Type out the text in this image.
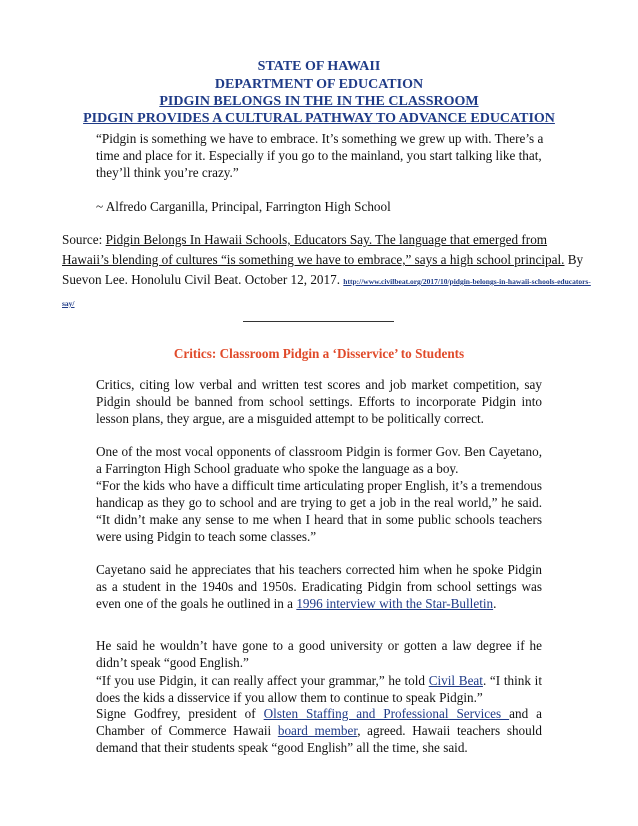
STATE OF HAWAII
DEPARTMENT OF EDUCATION
PIDGIN BELONGS IN THE IN THE CLASSROOM
PIDGIN PROVIDES A CULTURAL PATHWAY TO ADVANCE EDUCATION
“Pidgin is something we have to embrace. It’s something we grew up with. There’s a time and place for it. Especially if you go to the mainland, you start talking like that, they’ll think you’re crazy.”
~ Alfredo Carganilla, Principal, Farrington High School
Source: Pidgin Belongs In Hawaii Schools, Educators Say. The language that emerged from Hawaii’s blending of cultures “is something we have to embrace,” says a high school principal. By Suevon Lee. Honolulu Civil Beat. October 12, 2017. http://www.civilbeat.org/2017/10/pidgin-belongs-in-hawaii-schools-educators-say/
Critics: Classroom Pidgin a ‘Disservice’ to Students
Critics, citing low verbal and written test scores and job market competition, say Pidgin should be banned from school settings. Efforts to incorporate Pidgin into lesson plans, they argue, are a misguided attempt to be politically correct.
One of the most vocal opponents of classroom Pidgin is former Gov. Ben Cayetano, a Farrington High School graduate who spoke the language as a boy.
“For the kids who have a difficult time articulating proper English, it’s a tremendous handicap as they go to school and are trying to get a job in the real world,” he said. “It didn’t make any sense to me when I heard that in some public schools teachers were using Pidgin to teach some classes.”
Cayetano said he appreciates that his teachers corrected him when he spoke Pidgin as a student in the 1940s and 1950s. Eradicating Pidgin from school settings was even one of the goals he outlined in a 1996 interview with the Star-Bulletin.
He said he wouldn’t have gone to a good university or gotten a law degree if he didn’t speak “good English.”
“If you use Pidgin, it can really affect your grammar,” he told Civil Beat. “I think it does the kids a disservice if you allow them to continue to speak Pidgin.”
Signe Godfrey, president of Olsten Staffing and Professional Services and a Chamber of Commerce Hawaii board member, agreed. Hawaii teachers should demand that their students speak “good English” all the time, she said.
